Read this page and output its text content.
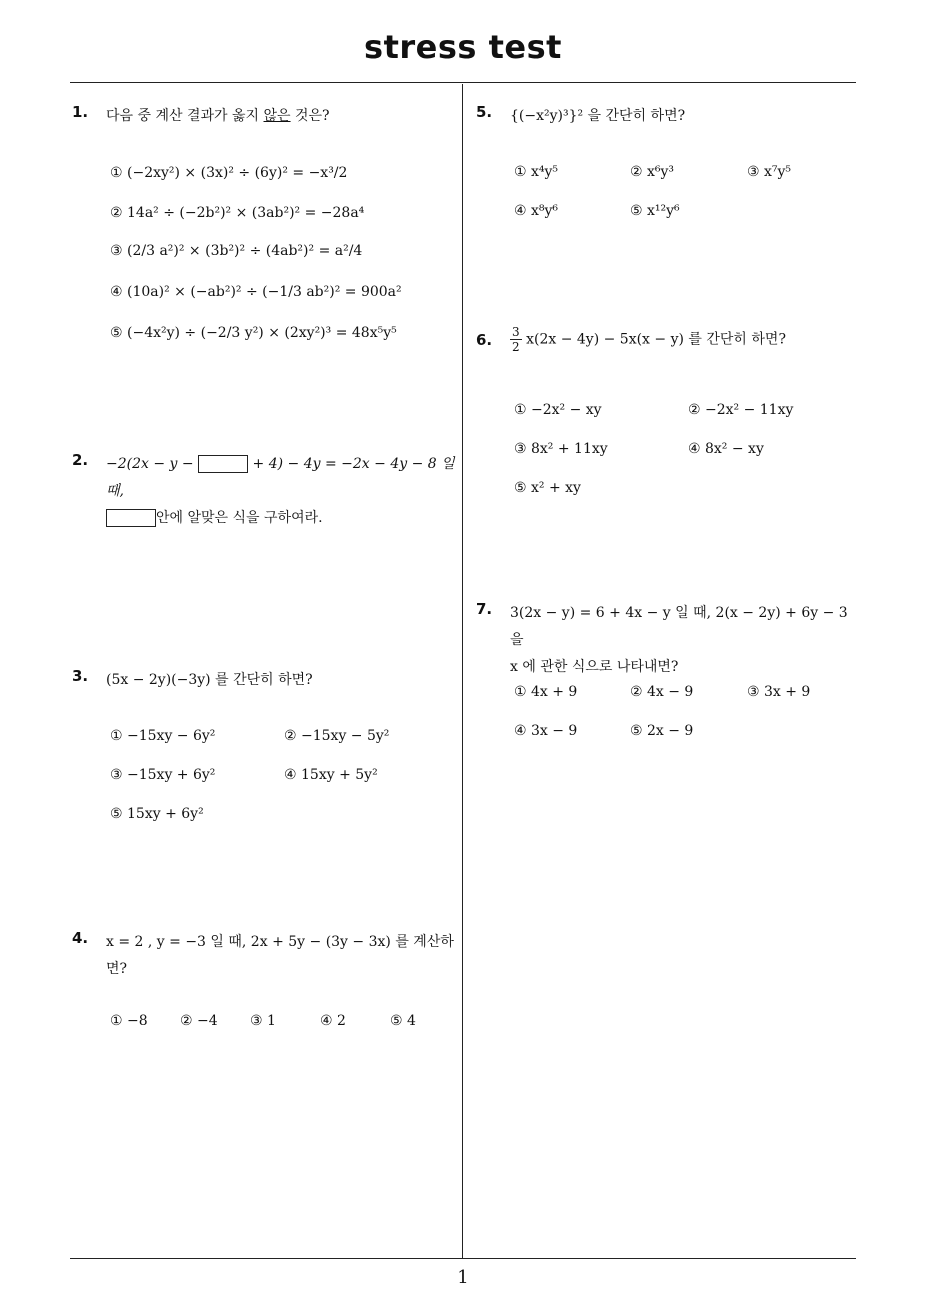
stress test
1. 다음 중 계산 결과가 옳지 않은 것은?
① (−2xy²) × (3x)² ÷ (6y)² = −x³/2
② 14a² ÷ (−2b²)² × (3ab²)² = −28a⁴
③ (2/3 a²)² × (3b²)² ÷ (4ab²)² = a²/4
④ (10a)² × (−ab²)² ÷ (−1/3 ab²)² = 900a²
⑤ (−4x²y) ÷ (−2/3 y²) × (2xy²)³ = 48x⁵y⁵
2. −2(2x − y −	+ 4) − 4y = −2x − 4y − 8 일 때,
안에 알맞은 식을 구하여라.
3. (5x − 2y)(−3y) 를 간단히 하면?
① −15xy − 6y²	② −15xy − 5y²
③ −15xy + 6y²	④ 15xy + 5y²
⑤ 15xy + 6y²
4. x = 2 , y = −3 일 때, 2x + 5y − (3y − 3x) 를 계산하
면?
① −8 ② −4 ③ 1	④ 2	⑤ 4
5. {(−x²y)³}² 을 간단히 하면?
① x⁴y⁵	② x⁶y³	③ x⁷y⁵
④ x⁸y⁶	⑤ x¹²y⁶
6. $\frac{3}{2} x(2x - 4y) - 5x(x - y)$ 를 간단히 하면?
① −2x² − xy	② −2x² − 11xy
③ 8x² + 11xy	④ 8x² − xy
⑤ x² + xy
7. 3(2x − y) = 6 + 4x − y 일 때, 2(x − 2y) + 6y − 3 을
x 에 관한 식으로 나타내면?
① 4x + 9	② 4x − 9	③ 3x + 9
④ 3x − 9	⑤ 2x − 9
1
